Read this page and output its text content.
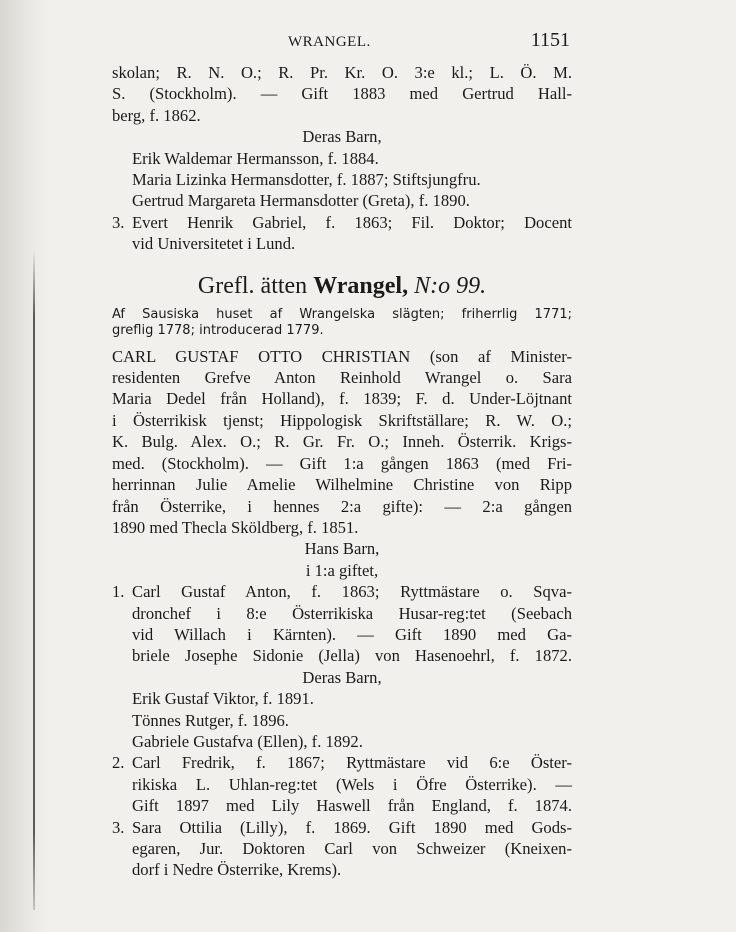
WRANGEL.	1151
skolan; R. N. O.; R. Pr. Kr. O. 3:e kl.; L. Ö. M.
S. (Stockholm). — Gift 1883 med Gertrud Hall-
berg, f. 1862.
Deras Barn,
Erik Waldemar Hermansson, f. 1884.
Maria Lizinka Hermansdotter, f. 1887; Stiftsjungfru.
Gertrud Margareta Hermansdotter (Greta), f. 1890.
3. Evert Henrik Gabriel, f. 1863; Fil. Doktor; Docent
vid Universitetet i Lund.
Grefl. ätten Wrangel, N:o 99.
Af Sausiska huset af Wrangelska slägten; friherrlig 1771;
greflig 1778; introducerad 1779.
CARL GUSTAF OTTO CHRISTIAN (son af Minister-
residenten Grefve Anton Reinhold Wrangel o. Sara
Maria Dedel från Holland), f. 1839; F. d. Under-Löjtnant
i Österrikisk tjenst; Hippologisk Skriftställare; R. W. O.;
K. Bulg. Alex. O.; R. Gr. Fr. O.; Inneh. Österrik. Krigs-
med. (Stockholm). — Gift 1:a gången 1863 (med Fri-
herrinnan Julie Amelie Wilhelmine Christine von Ripp
från Österrike, i hennes 2:a gifte): — 2:a gången
1890 med Thecla Sköldberg, f. 1851.
Hans Barn,
i 1:a giftet,
1. Carl Gustaf Anton, f. 1863; Ryttmästare o. Sqva-
dronchef i 8:e Österrikiska Husar-reg:tet (Seebach
vid Willach i Kärnten). — Gift 1890 med Ga-
briele Josephe Sidonie (Jella) von Hasenoehrl, f. 1872.
Deras Barn,
Erik Gustaf Viktor, f. 1891.
Tönnes Rutger, f. 1896.
Gabriele Gustafva (Ellen), f. 1892.
2. Carl Fredrik, f. 1867; Ryttmästare vid 6:e Öster-
rikiska L. Uhlan-reg:tet (Wels i Öfre Österrike). —
Gift 1897 med Lily Haswell från England, f. 1874.
3. Sara Ottilia (Lilly), f. 1869. Gift 1890 med Gods-
egaren, Jur. Doktoren Carl von Schweizer (Kneixen-
dorf i Nedre Österrike, Krems).
